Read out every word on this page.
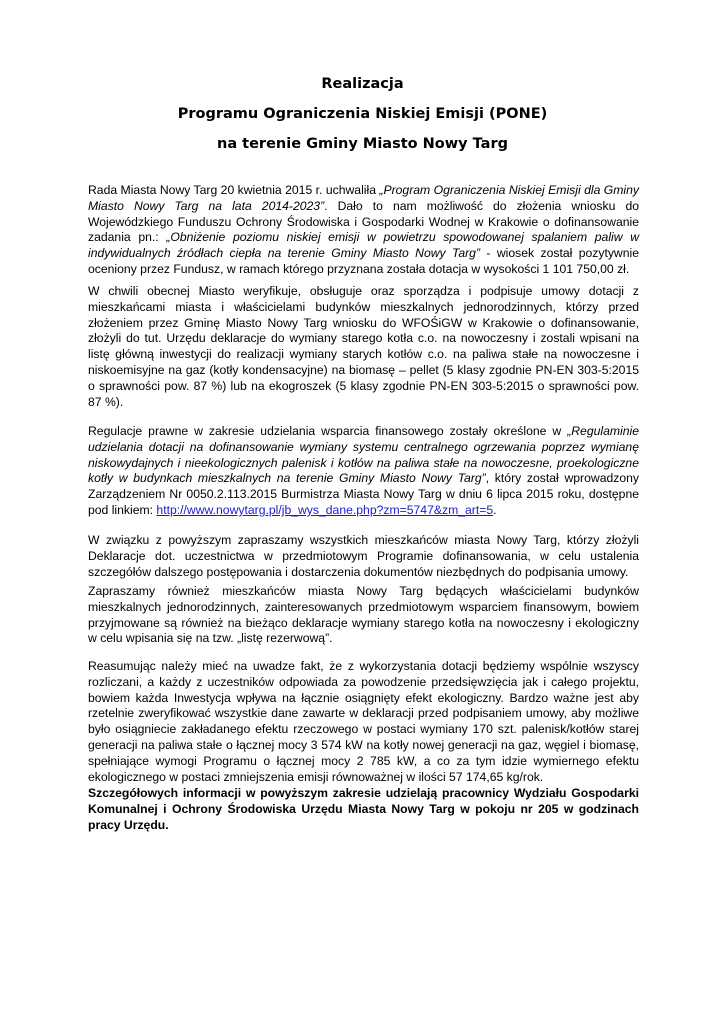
Realizacja
Programu Ograniczenia Niskiej Emisji (PONE)
na terenie Gminy Miasto Nowy Targ

Rada Miasta Nowy Targ 20 kwietnia 2015 r. uchwaliła „Program Ograniczenia Niskiej Emisji dla Gminy Miasto Nowy Targ na lata 2014-2023”. Dało to nam możliwość do złożenia wniosku do Wojewódzkiego Funduszu Ochrony Środowiska i Gospodarki Wodnej w Krakowie o dofinansowanie zadania pn.: „Obniżenie poziomu niskiej emisji w powietrzu spowodowanej spalaniem paliw w indywidualnych źródłach ciepła na terenie Gminy Miasto Nowy Targ” - wiosek został pozytywnie oceniony przez Fundusz, w ramach którego przyznana została dotacja w wysokości 1 101 750,00 zł.

W chwili obecnej Miasto weryfikuje, obsługuje oraz sporządza i podpisuje umowy dotacji z mieszkańcami miasta i właścicielami budynków mieszkalnych jednorodzinnych, którzy przed złożeniem przez Gminę Miasto Nowy Targ wniosku do WFOŚiGW w Krakowie o dofinansowanie, złożyli do tut. Urzędu deklaracje do wymiany starego kotła c.o. na nowoczesny i zostali wpisani na listę główną inwestycji do realizacji wymiany starych kotłów c.o. na paliwa stałe na nowoczesne i niskoemisyjne na gaz (kotły kondensacyjne) na biomasę – pellet (5 klasy zgodnie PN-EN 303-5:2015 o sprawności pow. 87 %) lub na ekogroszek (5 klasy zgodnie PN-EN 303-5:2015 o sprawności pow. 87 %).

Regulacje prawne w zakresie udzielania wsparcia finansowego zostały określone w „Regulaminie udzielania dotacji na dofinansowanie wymiany systemu centralnego ogrzewania poprzez wymianę niskowydajnych i nieekologicznych palenisk i kotłów na paliwa stałe na nowoczesne, proekologiczne kotły w budynkach mieszkalnych na terenie Gminy Miasto Nowy Targ”, który został wprowadzony Zarządzeniem Nr 0050.2.113.2015 Burmistrza Miasta Nowy Targ w dniu 6 lipca 2015 roku, dostępne pod linkiem: http://www.nowytarg.pl/jb_wys_dane.php?zm=5747&zm_art=5.

W związku z powyższym zapraszamy wszystkich mieszkańców miasta Nowy Targ, którzy złożyli Deklaracje dot. uczestnictwa w przedmiotowym Programie dofinansowania, w celu ustalenia szczegółów dalszego postępowania i dostarczenia dokumentów niezbędnych do podpisania umowy.

Zapraszamy również mieszkańców miasta Nowy Targ będących właścicielami budynków mieszkalnych jednorodzinnych, zainteresowanych przedmiotowym wsparciem finansowym, bowiem przyjmowane są również na bieżąco deklaracje wymiany starego kotła na nowoczesny i ekologiczny w celu wpisania się na tzw. „listę rezerwową”.

Reasumując należy mieć na uwadze fakt, że z wykorzystania dotacji będziemy wspólnie wszyscy rozliczani, a każdy z uczestników odpowiada za powodzenie przedsięwzięcia jak i całego projektu, bowiem każda Inwestycja wpływa na łącznie osiągnięty efekt ekologiczny. Bardzo ważne jest aby rzetelnie zweryfikować wszystkie dane zawarte w deklaracji przed podpisaniem umowy, aby możliwe było osiągniecie zakładanego efektu rzeczowego w postaci wymiany 170 szt. palenisk/kotłów starej generacji na paliwa stałe o łącznej mocy 3 574 kW na kotły nowej generacji na gaz, węgiel i biomasę, spełniające wymogi Programu o łącznej mocy 2 785 kW, a co za tym idzie wymiernego efektu ekologicznego w postaci zmniejszenia emisji równoważnej w ilości 57 174,65 kg/rok.

Szczegółowych informacji w powyższym zakresie udzielają pracownicy Wydziału Gospodarki Komunalnej i Ochrony Środowiska Urzędu Miasta Nowy Targ w pokoju nr 205 w godzinach pracy Urzędu.
